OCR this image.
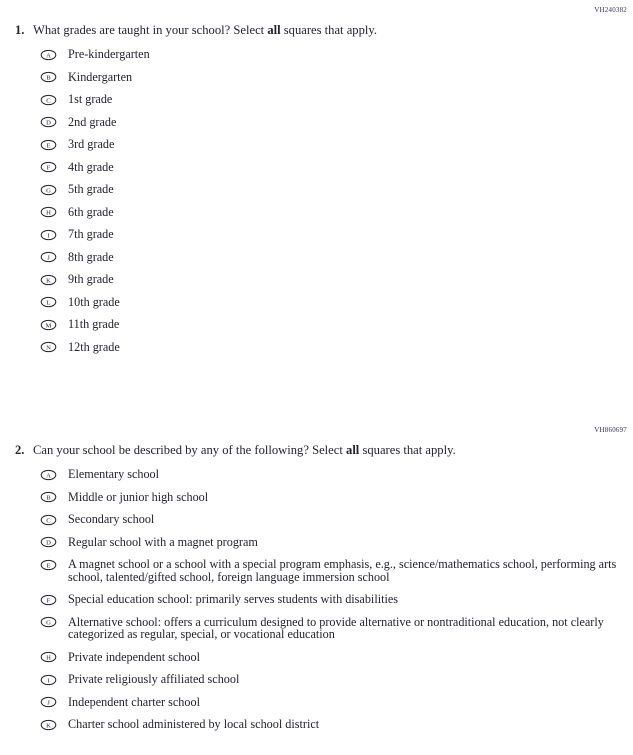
VH240382
1. What grades are taught in your school? Select all squares that apply.
A Pre-kindergarten
B Kindergarten
C 1st grade
D 2nd grade
E 3rd grade
F 4th grade
G 5th grade
H 6th grade
I 7th grade
J 8th grade
K 9th grade
L 10th grade
M 11th grade
N 12th grade
VH860697
2. Can your school be described by any of the following? Select all squares that apply.
A Elementary school
B Middle or junior high school
C Secondary school
D Regular school with a magnet program
E A magnet school or a school with a special program emphasis, e.g., science/mathematics school, performing arts school, talented/gifted school, foreign language immersion school
F Special education school: primarily serves students with disabilities
G Alternative school: offers a curriculum designed to provide alternative or nontraditional education, not clearly categorized as regular, special, or vocational education
H Private independent school
I Private religiously affiliated school
J Independent charter school
K Charter school administered by local school district
